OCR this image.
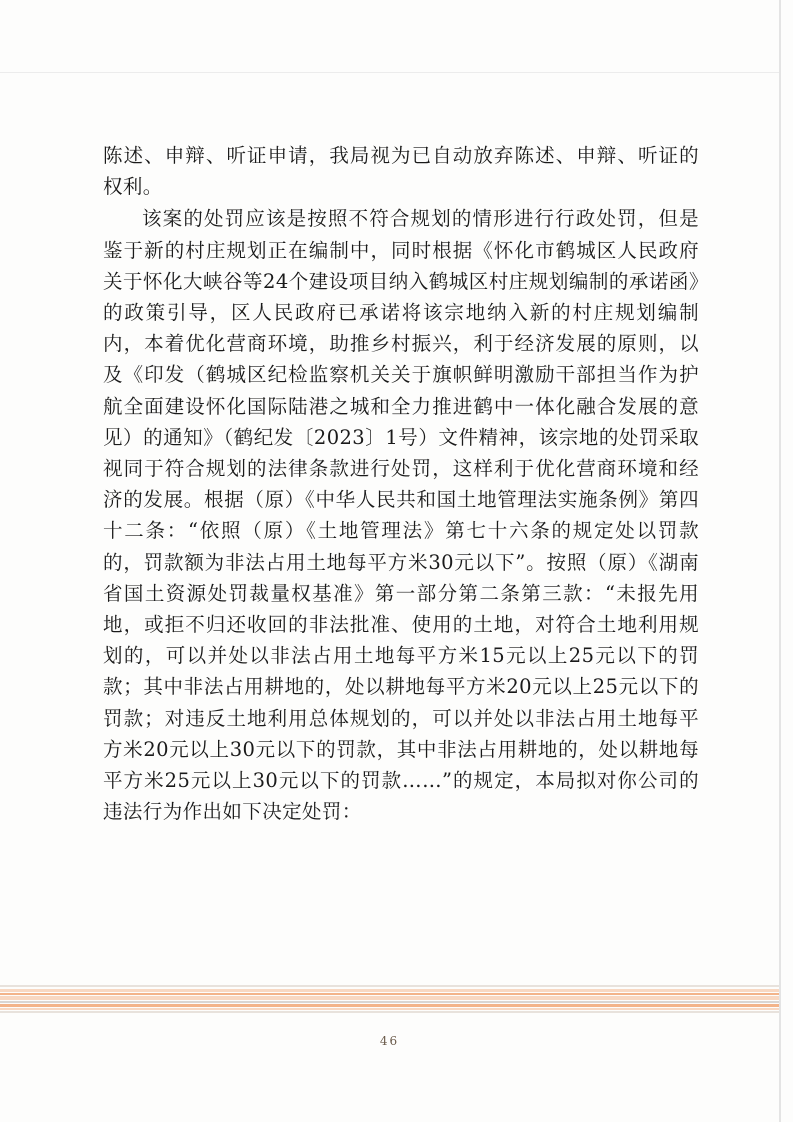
陈述、申辩、听证申请，我局视为已自动放弃陈述、申辩、听证的权利。

该案的处罚应该是按照不符合规划的情形进行行政处罚，但是鉴于新的村庄规划正在编制中，同时根据《怀化市鹤城区人民政府关于怀化大峡谷等24个建设项目纳入鹤城区村庄规划编制的承诺函》的政策引导，区人民政府已承诺将该宗地纳入新的村庄规划编制内，本着优化营商环境，助推乡村振兴，利于经济发展的原则，以及《印发（鹤城区纪检监察机关关于旗帜鲜明激励干部担当作为护航全面建设怀化国际陆港之城和全力推进鹤中一体化融合发展的意见）的通知》（鹤纪发〔2023〕1号）文件精神，该宗地的处罚采取视同于符合规划的法律条款进行处罚，这样利于优化营商环境和经济的发展。根据（原）《中华人民共和国土地管理法实施条例》第四十二条：“依照（原）《土地管理法》第七十六条的规定处以罚款的，罚款额为非法占用土地每平方米30元以下”。按照（原）《湖南省国土资源处罚裁量权基准》第一部分第二条第三款：“未报先用地，或拒不归还收回的非法批准、使用的土地，对符合土地利用规划的，可以并处以非法占用土地每平方米15元以上25元以下的罚款；其中非法占用耕地的，处以耕地每平方米20元以上25元以下的罚款；对违反土地利用总体规划的，可以并处以非法占用土地每平方米20元以上30元以下的罚款，其中非法占用耕地的，处以耕地每平方米25元以上30元以下的罚款……”的规定，本局拟对你公司的违法行为作出如下决定处罚：

46
